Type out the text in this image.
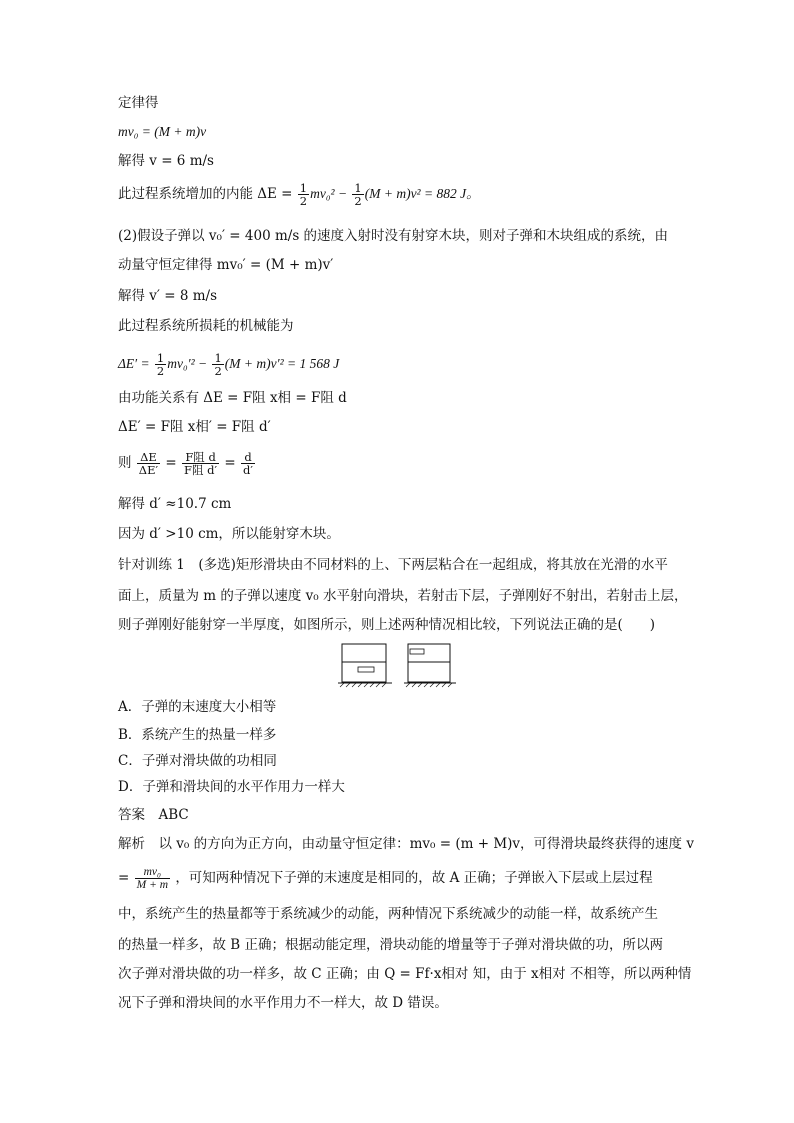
定律得
mv₀ = (M + m)v
解得 v = 6 m/s
此过程系统增加的内能 $\Delta E = \frac{1}{2} mv_0^2 - \frac{1}{2} (M + m)v^2 = 882$ J。
(2)假设子弹以 v₀′ = 400 m/s 的速度入射时没有射穿木块，则对子弹和木块组成的系统，由
动量守恒定律得 mv₀′ = (M + m)v′
解得 v′ = 8 m/s
此过程系统所损耗的机械能为
$\Delta E' = \frac{1}{2} mv_0'^2 - \frac{1}{2} (M + m)v'^2 = 1$ 568 J
由功能关系有 ΔE = F阻 x相 = F阻 d
ΔE′ = F阻 x相′ = F阻 d′
则 $\frac{\Delta E}{\Delta E'} = \frac{\text{F阻 d}}{\text{F阻 d′}} = \frac{d}{d'}$
解得 d′ ≈10.7 cm
因为 d′ >10 cm，所以能射穿木块。
针对训练 1　(多选)矩形滑块由不同材料的上、下两层粘合在一起组成，将其放在光滑的水平
面上，质量为 m 的子弹以速度 v₀ 水平射向滑块，若射击下层，子弹刚好不射出，若射击上层，
则子弹刚好能射穿一半厚度，如图所示，则上述两种情况相比较，下列说法正确的是(　　)
A．子弹的末速度大小相等
B．系统产生的热量一样多
C．子弹对滑块做的功相同
D．子弹和滑块间的水平作用力一样大
答案　ABC
解析　以 v₀ 的方向为正方向，由动量守恒定律：mv₀ = (m + M)v，可得滑块最终获得的速度 v
= $\frac{\text{mv₀}}{M + m}$ ，可知两种情况下子弹的末速度是相同的，故 A 正确；子弹嵌入下层或上层过程
中，系统产生的热量都等于系统减少的动能，两种情况下系统减少的动能一样，故系统产生
的热量一样多，故 B 正确；根据动能定理，滑块动能的增量等于子弹对滑块做的功，所以两
次子弹对滑块做的功一样多，故 C 正确；由 Q = Ff·x相对 知，由于 x相对 不相等，所以两种情
况下子弹和滑块间的水平作用力不一样大，故 D 错误。
